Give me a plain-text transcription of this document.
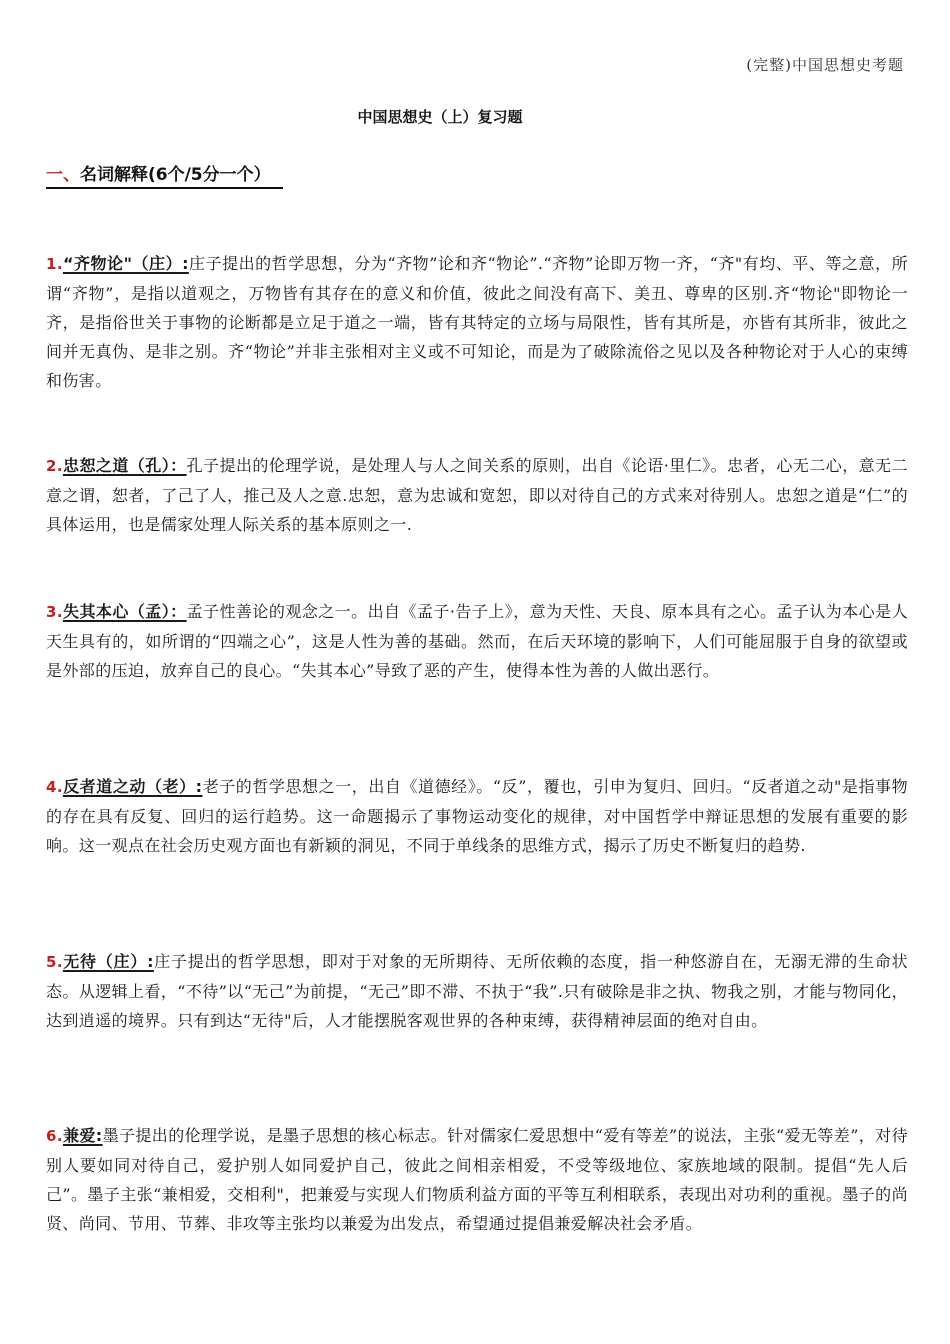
(完整)中国思想史考题
中国思想史（上）复习题
一、名词解释(6个/5分一个）
1.“齐物论"（庄）:庄子提出的哲学思想，分为“齐物”论和齐“物论”.“齐物”论即万物一齐，“齐"有均、平、等之意，所谓“齐物”，是指以道观之，万物皆有其存在的意义和价值，彼此之间没有高下、美丑、尊卑的区别.齐“物论"即物论一齐，是指俗世关于事物的论断都是立足于道之一端，皆有其特定的立场与局限性，皆有其所是，亦皆有其所非，彼此之间并无真伪、是非之别。齐“物论”并非主张相对主义或不可知论，而是为了破除流俗之见以及各种物论对于人心的束缚和伤害。
2.忠恕之道（孔）：孔子提出的伦理学说，是处理人与人之间关系的原则，出自《论语·里仁》。忠者，心无二心，意无二意之谓，恕者，了己了人，推己及人之意.忠恕，意为忠诚和宽恕，即以对待自己的方式来对待别人。忠恕之道是“仁”的具体运用，也是儒家处理人际关系的基本原则之一.
3.失其本心（孟）：孟子性善论的观念之一。出自《孟子·告子上》，意为天性、天良、原本具有之心。孟子认为本心是人天生具有的，如所谓的“四端之心”，这是人性为善的基础。然而，在后天环境的影响下，人们可能屈服于自身的欲望或是外部的压迫，放弃自己的良心。“失其本心”导致了恶的产生，使得本性为善的人做出恶行。
4.反者道之动（老）:老子的哲学思想之一，出自《道德经》。“反”，覆也，引申为复归、回归。“反者道之动"是指事物的存在具有反复、回归的运行趋势。这一命题揭示了事物运动变化的规律，对中国哲学中辩证思想的发展有重要的影响。这一观点在社会历史观方面也有新颖的洞见，不同于单线条的思维方式，揭示了历史不断复归的趋势.
5.无待（庄）:庄子提出的哲学思想，即对于对象的无所期待、无所依赖的态度，指一种悠游自在，无溺无滞的生命状态。从逻辑上看，“不待”以“无己”为前提，“无己”即不滞、不执于“我”.只有破除是非之执、物我之别，才能与物同化，达到逍遥的境界。只有到达“无待"后，人才能摆脱客观世界的各种束缚，获得精神层面的绝对自由。
6.兼爱:墨子提出的伦理学说，是墨子思想的核心标志。针对儒家仁爱思想中“爱有等差”的说法，主张“爱无等差”，对待别人要如同对待自己，爱护别人如同爱护自己，彼此之间相亲相爱，不受等级地位、家族地域的限制。提倡“先人后己”。墨子主张“兼相爱，交相利"，把兼爱与实现人们物质利益方面的平等互利相联系，表现出对功利的重视。墨子的尚贤、尚同、节用、节葬、非攻等主张均以兼爱为出发点，希望通过提倡兼爱解决社会矛盾。
